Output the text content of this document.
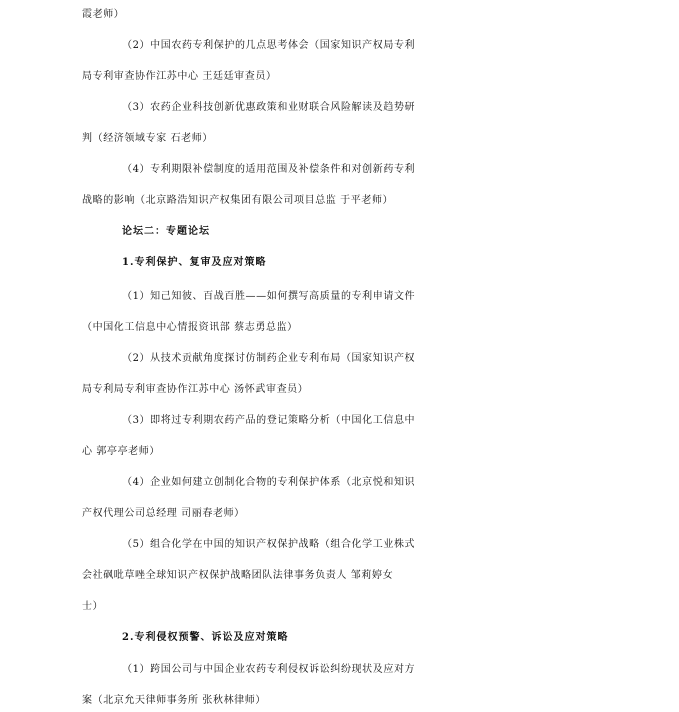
霞老师）
（2）中国农药专利保护的几点思考体会（国家知识产权局专利
局专利审查协作江苏中心 王廷廷审查员）
（3）农药企业科技创新优惠政策和业财联合风险解读及趋势研
判（经济领域专家 石老师）
（4）专利期限补偿制度的适用范围及补偿条件和对创新药专利
战略的影响（北京路浩知识产权集团有限公司项目总监 于平老师）
论坛二：专题论坛
1.专利保护、复审及应对策略
（1）知己知彼、百战百胜——如何撰写高质量的专利申请文件
（中国化工信息中心情报资讯部 蔡志勇总监）
（2）从技术贡献角度探讨仿制药企业专利布局（国家知识产权
局专利局专利审查协作江苏中心 汤怀武审查员）
（3）即将过专利期农药产品的登记策略分析（中国化工信息中
心 郭亭亭老师）
（4）企业如何建立创制化合物的专利保护体系（北京悦和知识
产权代理公司总经理 司丽春老师）
（5）组合化学在中国的知识产权保护战略（组合化学工业株式
会社砜吡草唑全球知识产权保护战略团队法律事务负责人 邹莉婷女
士）
2.专利侵权预警、诉讼及应对策略
（1）跨国公司与中国企业农药专利侵权诉讼纠纷现状及应对方
案（北京允天律师事务所 张秋林律师）
